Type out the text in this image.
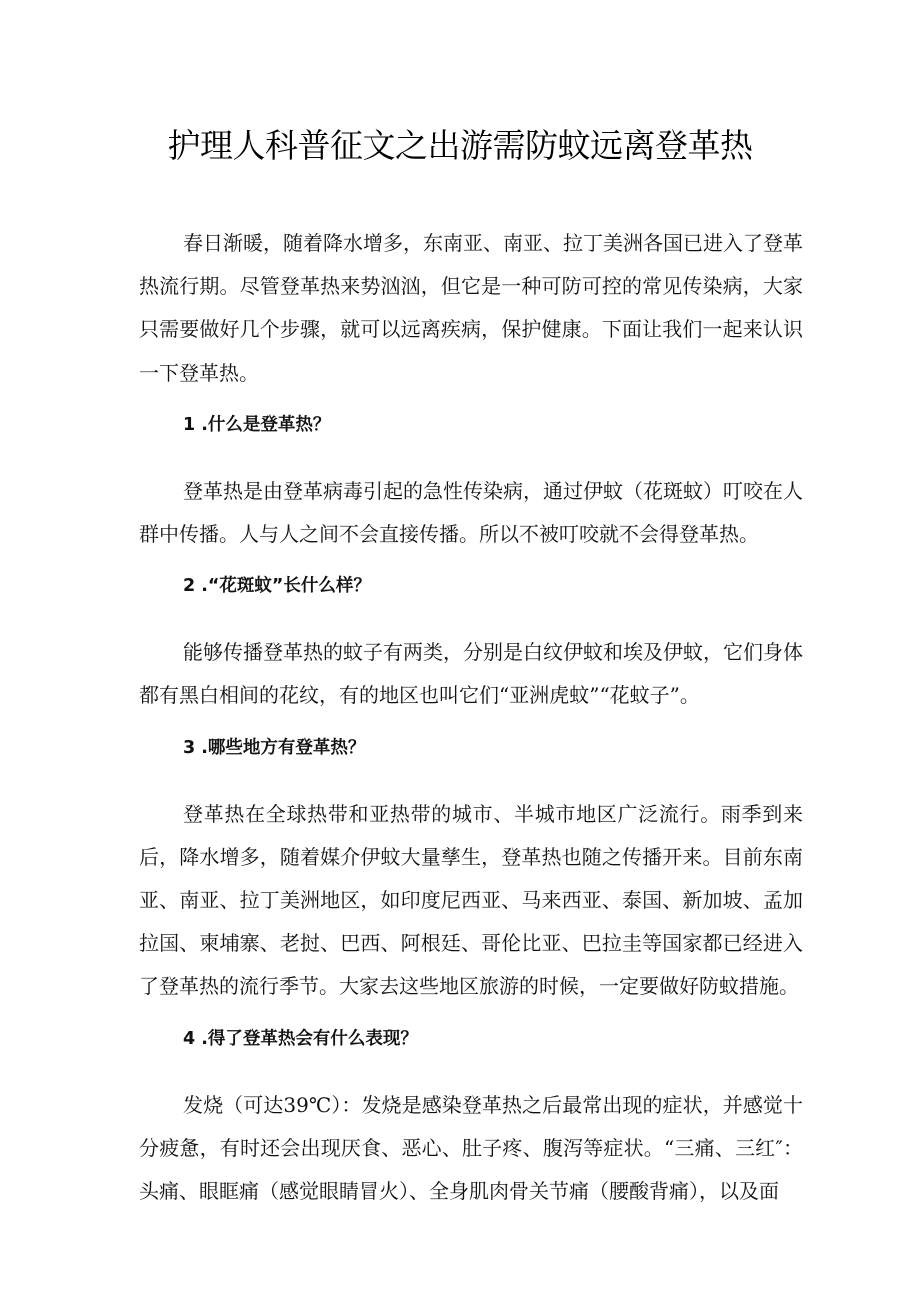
护理人科普征文之出游需防蚊远离登革热

春日渐暖，随着降水增多，东南亚、南亚、拉丁美洲各国已进入了登革热流行期。尽管登革热来势汹汹，但它是一种可防可控的常见传染病，大家只需要做好几个步骤，就可以远离疾病，保护健康。下面让我们一起来认识一下登革热。

1 .什么是登革热？

登革热是由登革病毒引起的急性传染病，通过伊蚊（花斑蚊）叮咬在人群中传播。人与人之间不会直接传播。所以不被叮咬就不会得登革热。

2 .“花斑蚊”长什么样？

能够传播登革热的蚊子有两类，分别是白纹伊蚊和埃及伊蚊，它们身体都有黑白相间的花纹，有的地区也叫它们“亚洲虎蚊”“花蚊子”。

3 .哪些地方有登革热？

登革热在全球热带和亚热带的城市、半城市地区广泛流行。雨季到来后，降水增多，随着媒介伊蚊大量孳生，登革热也随之传播开来。目前东南亚、南亚、拉丁美洲地区，如印度尼西亚、马来西亚、泰国、新加坡、孟加拉国、柬埔寨、老挝、巴西、阿根廷、哥伦比亚、巴拉圭等国家都已经进入了登革热的流行季节。大家去这些地区旅游的时候，一定要做好防蚊措施。

4 .得了登革热会有什么表现？

发烧（可达39℃）：发烧是感染登革热之后最常出现的症状，并感觉十分疲惫，有时还会出现厌食、恶心、肚子疼、腹泻等症状。“三痛、三红″：头痛、眼眶痛（感觉眼睛冒火）、全身肌肉骨关节痛（腰酸背痛），以及面
